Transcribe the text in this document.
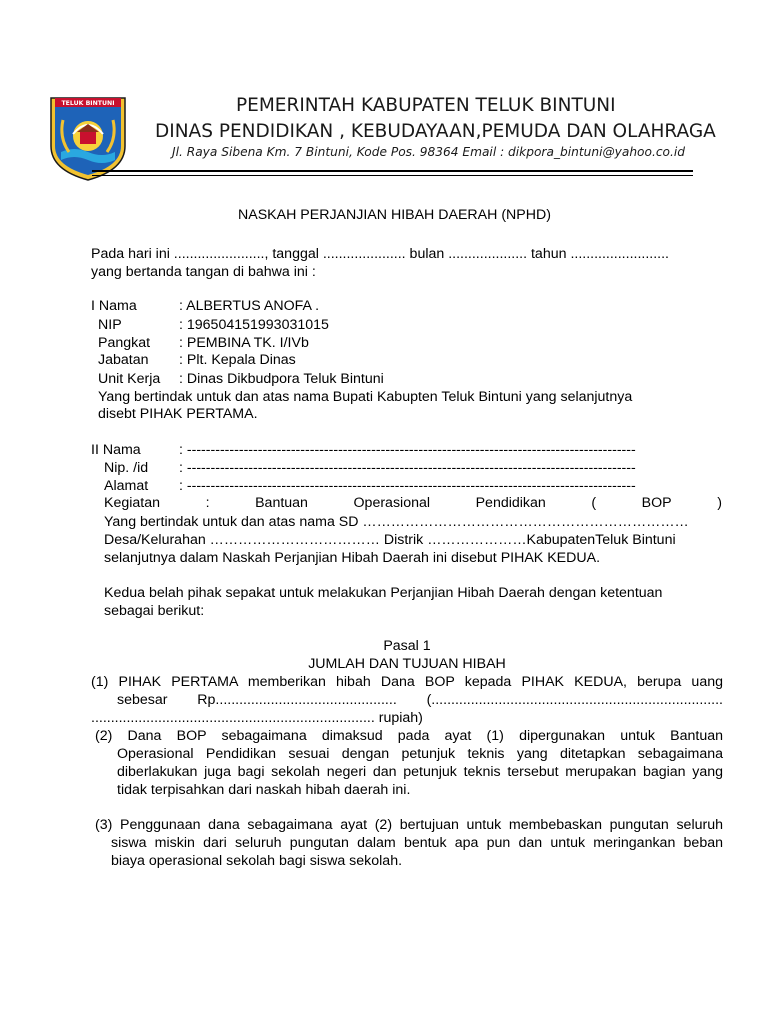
TELUK BINTUNI	PEMERINTAH KABUPATEN TELUK BINTUNI
DINAS PENDIDIKAN , KEBUDAYAAN,PEMUDA DAN OLAHRAGA
Jl. Raya Sibena Km. 7 Bintuni, Kode Pos. 98364 Email : dikpora_bintuni@yahoo.co.id
NASKAH PERJANJIAN HIBAH DAERAH (NPHD)
Pada hari ini ......................., tanggal ..................... bulan .................... tahun .........................
yang bertanda tangan di bahwa ini :
I Nama	: ALBERTUS ANOFA .
NIP	: 196504151993031015
Pangkat : PEMBINA TK. I/IVb
Jabatan : Plt. Kepala Dinas
Unit Kerja : Dinas Dikbudpora Teluk Bintuni
Yang bertindak untuk dan atas nama Bupati Kabupten Teluk Bintuni yang selanjutnya
disebt PIHAK PERTAMA.
II Nama	: -----------------------------------------------------------------------------------------------
Nip. /id : -----------------------------------------------------------------------------------------------
Alamat : -----------------------------------------------------------------------------------------------
Kegiatan	:	Bantuan	Operasional	Pendidikan	(	BOP	)
Yang bertindak untuk dan atas nama SD ……………………………………………………………
Desa/Kelurahan ……………………………… Distrik …………………KabupatenTeluk Bintuni
selanjutnya dalam Naskah Perjanjian Hibah Daerah ini disebut PIHAK KEDUA.
Kedua belah pihak sepakat untuk melakukan Perjanjian Hibah Daerah dengan ketentuan
sebagai berikut:
Pasal 1
JUMLAH DAN TUJUAN HIBAH
(1) PIHAK PERTAMA memberikan hibah Dana BOP kepada PIHAK KEDUA, berupa uang
sebesar Rp.............................................. (..........................................................................
........................................................................ rupiah)
(2) Dana BOP sebagaimana dimaksud pada ayat (1) dipergunakan untuk Bantuan
Operasional Pendidikan sesuai dengan petunjuk teknis yang ditetapkan sebagaimana
diberlakukan juga bagi sekolah negeri dan petunjuk teknis tersebut merupakan bagian yang
tidak terpisahkan dari naskah hibah daerah ini.
(3) Penggunaan dana sebagaimana ayat (2) bertujuan untuk membebaskan pungutan seluruh
siswa miskin dari seluruh pungutan dalam bentuk apa pun dan untuk meringankan beban
biaya operasional sekolah bagi siswa sekolah.
